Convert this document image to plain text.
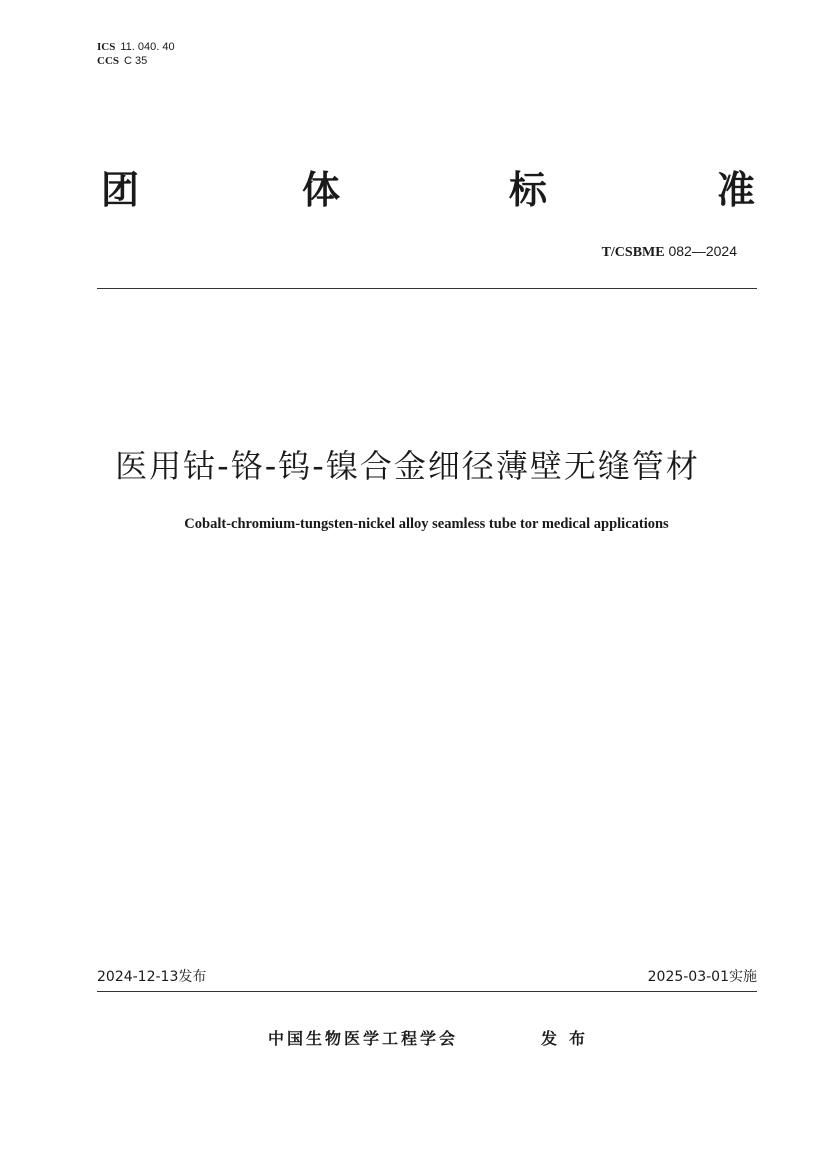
ICS 11. 040. 40
CCS C 35
团	体	标	准
T/CSBME 082—2024
医用钴-铬-钨-镍合金细径薄壁无缝管材
Cobalt-chromium-tungsten-nickel alloy seamless tube tor medical applications
2024-12-13发布	2025-03-01实施
中国生物医学工程学会	发布
